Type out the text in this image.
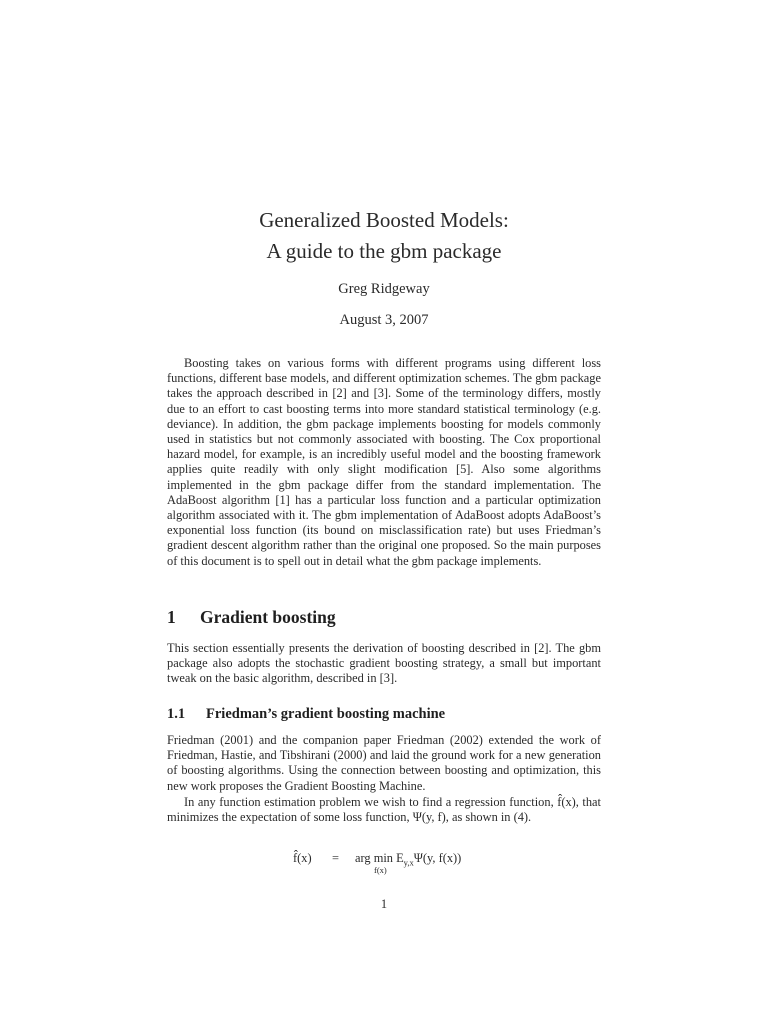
Generalized Boosted Models:
A guide to the gbm package
Greg Ridgeway
August 3, 2007

Boosting takes on various forms with different programs using different loss functions, different base models, and different optimization schemes. The gbm package takes the approach described in [2] and [3]. Some of the terminology differs, mostly due to an effort to cast boosting terms into more standard statistical terminology (e.g. deviance). In addition, the gbm package implements boosting for models commonly used in statistics but not commonly associated with boosting. The Cox proportional hazard model, for example, is an incredibly useful model and the boosting framework applies quite readily with only slight modification [5]. Also some algorithms implemented in the gbm package differ from the standard implementation. The AdaBoost algorithm [1] has a particular loss function and a particular optimization algorithm associated with it. The gbm implementation of AdaBoost adopts AdaBoost’s exponential loss function (its bound on misclassification rate) but uses Friedman’s gradient descent algorithm rather than the original one proposed. So the main purposes of this document is to spell out in detail what the gbm package implements.

1 Gradient boosting

This section essentially presents the derivation of boosting described in [2]. The gbm package also adopts the stochastic gradient boosting strategy, a small but important tweak on the basic algorithm, described in [3].

1.1 Friedman’s gradient boosting machine

Friedman (2001) and the companion paper Friedman (2002) extended the work of Friedman, Hastie, and Tibshirani (2000) and laid the ground work for a new generation of boosting algorithms. Using the connection between boosting and optimization, this new work proposes the Gradient Boosting Machine.

In any function estimation problem we wish to find a regression function, f̂(x), that minimizes the expectation of some loss function, Ψ(y, f), as shown in (4).

f̂(x) = arg $\min E_{y,x}\Psi(y$, f(x))
f(x)
1
